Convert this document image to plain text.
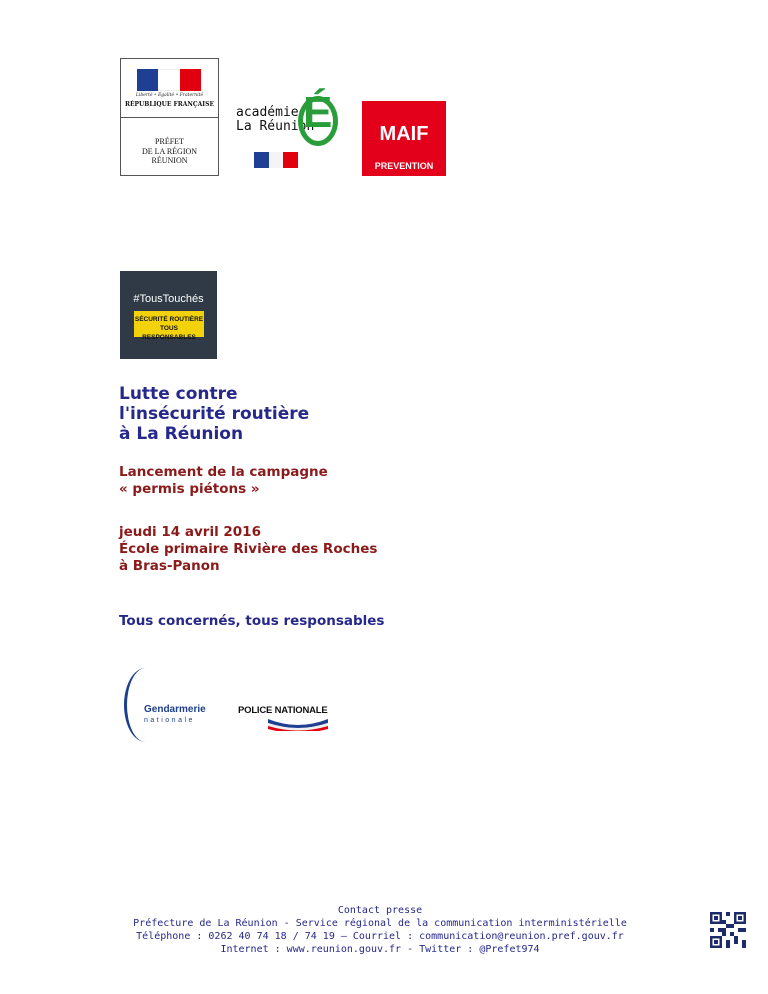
Liberté • Égalité • Fraternité
RÉPUBLIQUE FRANÇAISE
PRÉFET
DE LA RÉGION
RÉUNION
académie
La Réunion
É	MAIF
PREVENTION
#TousTouchés
SÉCURITÉ ROUTIÈRE
TOUS RESPONSABLES
Lutte contre
l'insécurité routière
à La Réunion
Lancement de la campagne
« permis piétons »
jeudi 14 avril 2016
École primaire Rivière des Roches
à Bras-Panon
Tous concernés, tous responsables
Gendarmerie
nationale
POLICE NATIONALE
Contact presse
Préfecture de La Réunion - Service régional de la communication interministérielle
Téléphone : 0262 40 74 18 / 74 19 – Courriel : communication@reunion.pref.gouv.fr
Internet : www.reunion.gouv.fr - Twitter : @Prefet974
